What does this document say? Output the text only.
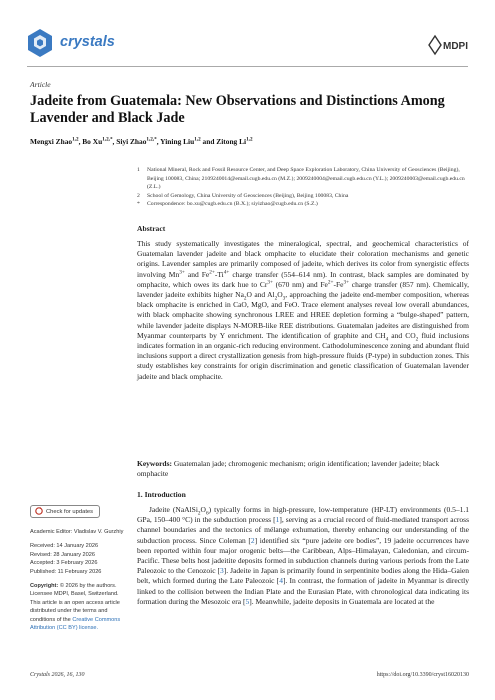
crystals	MDPI
Article
Jadeite from Guatemala: New Observations and Distinctions Among Lavender and Black Jade
Mengxi Zhao$^{1,2}$, Bo $Xu^{1,2,*}$, Siyi Zhao$^{1,2,*}$, Yining Liu$^{1,2}$ and Zitong Li$^{1,2}$
1	National Mineral, Rock and Fossil Resource Center, and Deep Space Exploration Laboratory, China University of Geosciences (Beijing), Beijing 100083, China; 2109240014@email.cugb.edu.cn (M.Z.); 2009240004@email.cugb.edu.cn (Y.L.); 2009240003@email.cugb.edu.cn (Z.L.)
2	School of Gemology, China University of Geosciences (Beijing), Beijing 100083, China
*	Correspondence: bo.xu@cugb.edu.cn (B.X.); siyizhao@cugb.edu.cn (S.Z.)
Abstract
This study systematically investigates the mineralogical, spectral, and geochemical characteristics of Guatemalan lavender jadeite and black omphacite to elucidate their coloration mechanisms and genetic origins. Lavender samples are primarily composed of jadeite, which derives its color from synergistic effects involving $Mn^{3+}$ and $Fe^{2+}-Ti^{4+}$ charge transfer (554–614 nm). In contrast, black samples are dominated by omphacite, which owes its dark hue to $Cr^{3+}$ (670 nm) and $Fe^{2+}-Fe^{3+}$ charge transfer (857 nm). Chemically, lavender jadeite exhibits higher $Na_2O$ and $Al_2O_3$, approaching the jadeite end-member composition, whereas black omphacite is enriched in CaO, MgO, and FeO. Trace element analyses reveal low overall abundances, with black omphacite showing synchronous LREE and HREE depletion forming a “bulge-shaped” pattern, while lavender jadeite displays N-MORB-like REE distributions. Guatemalan jadeites are distinguished from Myanmar counterparts by Y enrichment. The identification of graphite and $CH_4$ and $CO_2$ fluid inclusions indicates formation in an organic-rich reducing environment. Cathodoluminescence zoning and abundant fluid inclusions support a direct crystallization genesis from high-pressure fluids (P-type) in subduction zones. This study establishes key constraints for origin discrimination and genetic classification of Guatemalan lavender jadeite and black omphacite.
Keywords: Guatemalan jade; chromogenic mechanism; origin identification; lavender jadeite; black omphacite
Check for updates
Academic Editor: Vladislav V. Gurzhiy
Received: 14 January 2026
Revised: 28 January 2026
Accepted: 3 February 2026
Published: 11 February 2026
Copyright: © 2026 by the authors. Licensee MDPI, Basel, Switzerland. This article is an open access article distributed under the terms and conditions of the Creative Commons Attribution (CC BY) license.
1. Introduction
Jadeite $(NaAlSi_2O_6)$ typically forms in high-pressure, low-temperature (HP-LT) environments (0.5–1.1 GPa, 150–400 °C) in the subduction process [1], serving as a crucial record of fluid-mediated transport across channel boundaries and the tectonics of mélange exhumation, thereby enhancing our understanding of the subduction process. Since Coleman [2] identified six “pure jadeite ore bodies”, 19 jadeite occurrences have been reported within four major orogenic belts—the Caribbean, Alps–Himalayan, Caledonian, and circum-Pacific. These belts host jadeitite deposits formed in subduction channels during various periods from the Late Paleozoic to the Cenozoic [3]. Jadeite in Japan is primarily found in serpentinite bodies along the Hida–Gaien belt, which formed during the Late Paleozoic [4]. In contrast, the formation of jadeite in Myanmar is directly linked to the collision between the Indian Plate and the Eurasian Plate, with chronological data indicating its formation during the Mesozoic era [5]. Meanwhile, jadeite deposits in Guatemala are located at the
Crystals 2026, 16, 130	https://doi.org/10.3390/cryst16020130
